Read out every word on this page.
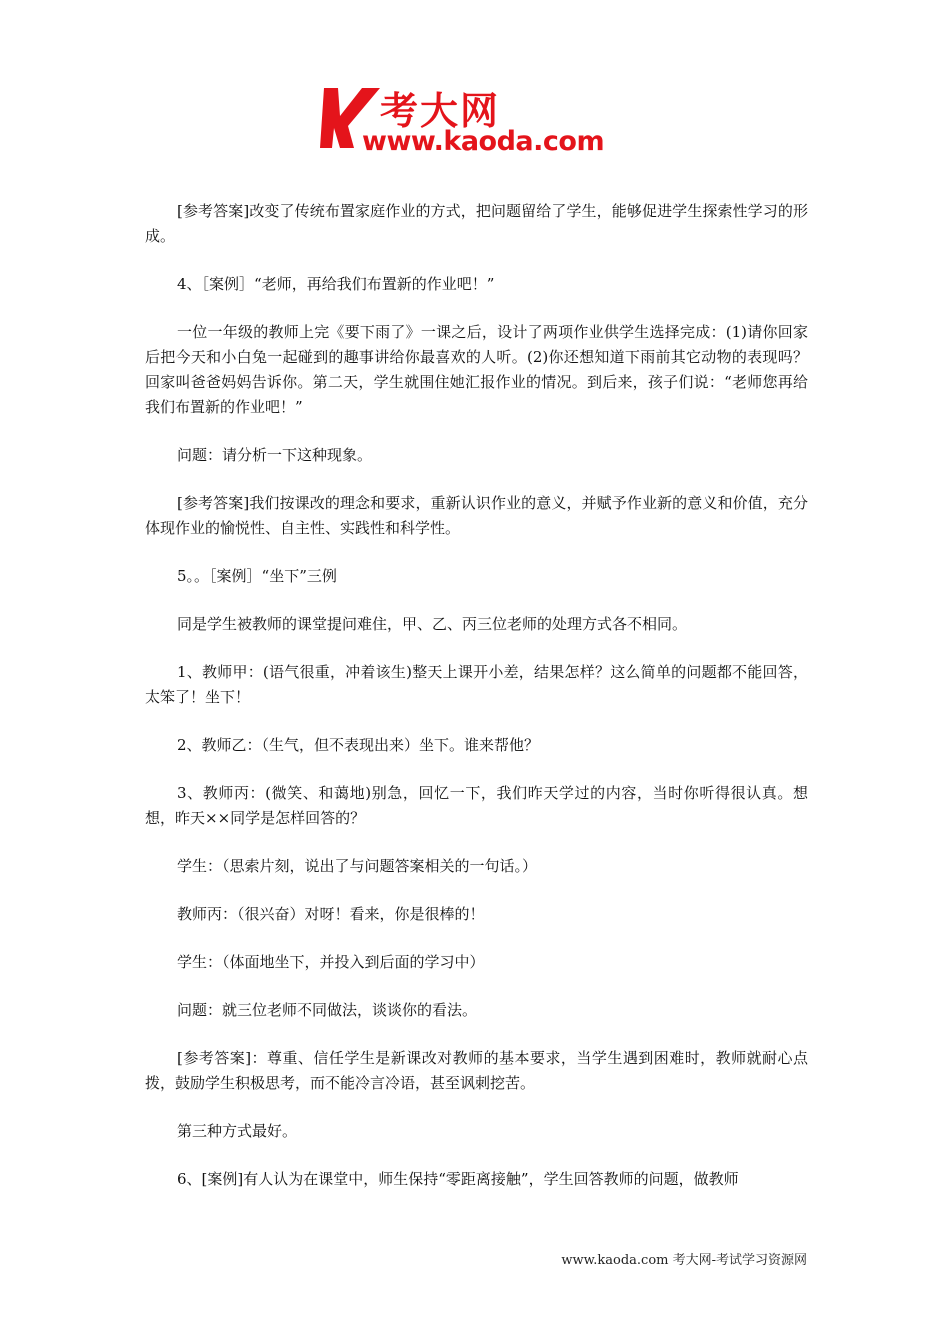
考大网
www.kaoda.com

[参考答案]改变了传统布置家庭作业的方式，把问题留给了学生，能够促进学生探索性学习的形成。

4、［案例］“老师，再给我们布置新的作业吧！”

一位一年级的教师上完《要下雨了》一课之后，设计了两项作业供学生选择完成：(1)请你回家后把今天和小白兔一起碰到的趣事讲给你最喜欢的人听。(2)你还想知道下雨前其它动物的表现吗？回家叫爸爸妈妈告诉你。第二天，学生就围住她汇报作业的情况。到后来，孩子们说：“老师您再给我们布置新的作业吧！”

问题：请分析一下这种现象。

[参考答案]我们按课改的理念和要求，重新认识作业的意义，并赋予作业新的意义和价值，充分体现作业的愉悦性、自主性、实践性和科学性。

5。。［案例］“坐下”三例

同是学生被教师的课堂提问难住，甲、乙、丙三位老师的处理方式各不相同。

1、教师甲：(语气很重，冲着该生)整天上课开小差，结果怎样？这么简单的问题都不能回答，太笨了！坐下！

2、教师乙：（生气，但不表现出来）坐下。谁来帮他？

3、教师丙：(微笑、和蔼地)别急，回忆一下，我们昨天学过的内容，当时你听得很认真。想想，昨天××同学是怎样回答的？

学生：（思索片刻，说出了与问题答案相关的一句话。）

教师丙：（很兴奋）对呀！看来，你是很棒的！

学生：（体面地坐下，并投入到后面的学习中）

问题：就三位老师不同做法，谈谈你的看法。

[参考答案]：尊重、信任学生是新课改对教师的基本要求，当学生遇到困难时，教师就耐心点拨，鼓励学生积极思考，而不能冷言冷语，甚至讽刺挖苦。

第三种方式最好。

6、[案例]有人认为在课堂中，师生保持“零距离接触”，学生回答教师的问题，做教师

www.kaoda.com 考大网-考试学习资源网
